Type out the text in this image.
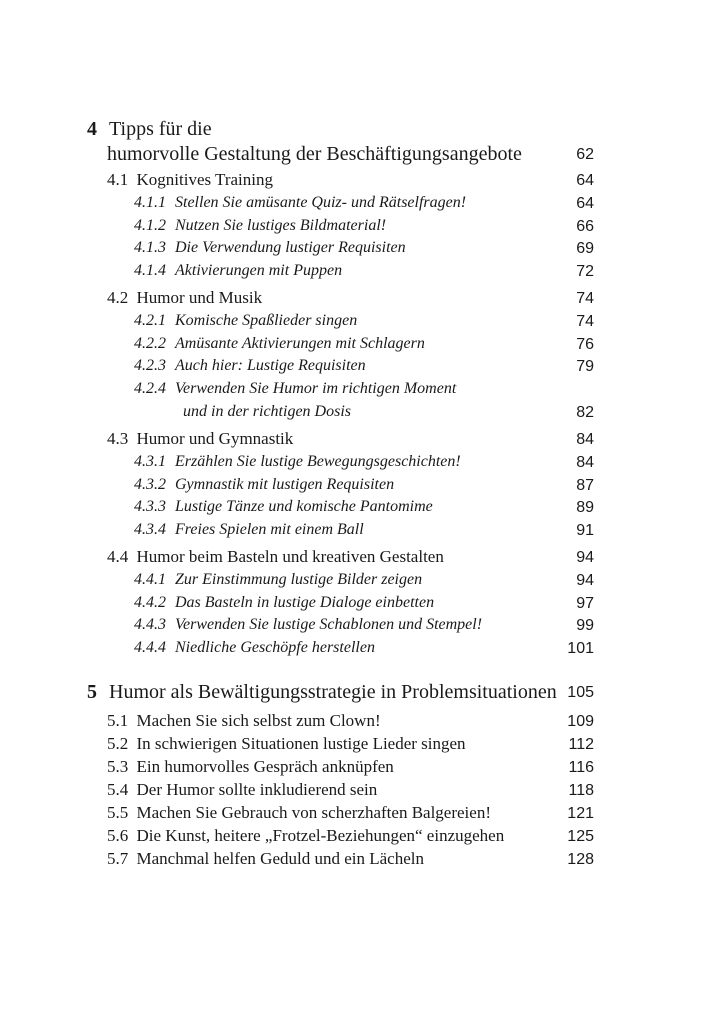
4 Tipps für die
humorvolle Gestaltung der Beschäftigungsangebote	62
4.1 Kognitives Training	64
4.1.1 Stellen Sie amüsante Quiz- und Rätselfragen!	64
4.1.2 Nutzen Sie lustiges Bildmaterial!	66
4.1.3 Die Verwendung lustiger Requisiten	69
4.1.4 Aktivierungen mit Puppen	72
4.2 Humor und Musik	74
4.2.1 Komische Spaßlieder singen	74
4.2.2 Amüsante Aktivierungen mit Schlagern	76
4.2.3 Auch hier: Lustige Requisiten	79
4.2.4 Verwenden Sie Humor im richtigen Moment
und in der richtigen Dosis	82
4.3 Humor und Gymnastik	84
4.3.1 Erzählen Sie lustige Bewegungsgeschichten!	84
4.3.2 Gymnastik mit lustigen Requisiten	87
4.3.3 Lustige Tänze und komische Pantomime	89
4.3.4 Freies Spielen mit einem Ball	91
4.4 Humor beim Basteln und kreativen Gestalten	94
4.4.1 Zur Einstimmung lustige Bilder zeigen	94
4.4.2 Das Basteln in lustige Dialoge einbetten	97
4.4.3 Verwenden Sie lustige Schablonen und Stempel!	99
4.4.4 Niedliche Geschöpfe herstellen	101
5 Humor als Bewältigungsstrategie in Problemsituationen 105
5.1 Machen Sie sich selbst zum Clown!	109
5.2 In schwierigen Situationen lustige Lieder singen	112
5.3 Ein humorvolles Gespräch anknüpfen	116
5.4 Der Humor sollte inkludierend sein	118
5.5 Machen Sie Gebrauch von scherzhaften Balgereien!	121
5.6 Die Kunst, heitere „Frotzel-Beziehungen“ einzugehen	125
5.7 Manchmal helfen Geduld und ein Lächeln	128
